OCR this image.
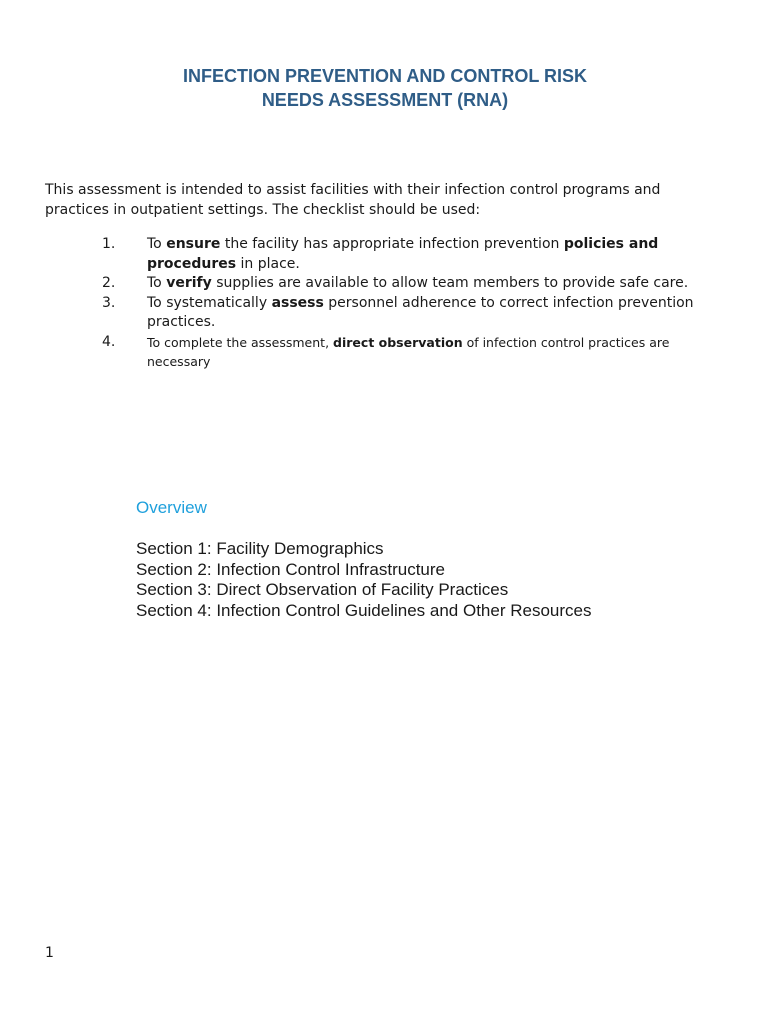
INFECTION PREVENTION AND CONTROL RISK
NEEDS ASSESSMENT (RNA)
This assessment is intended to assist facilities with their infection control programs and practices in outpatient settings. The checklist should be used:
1. To ensure the facility has appropriate infection prevention policies and procedures in place.
2. To verify supplies are available to allow team members to provide safe care.
3. To systematically assess personnel adherence to correct infection prevention practices.
4.	To complete the assessment, direct observation of infection control practices are necessary
Overview
Section 1: Facility Demographics
Section 2: Infection Control Infrastructure
Section 3: Direct Observation of Facility Practices
Section 4: Infection Control Guidelines and Other Resources
1
